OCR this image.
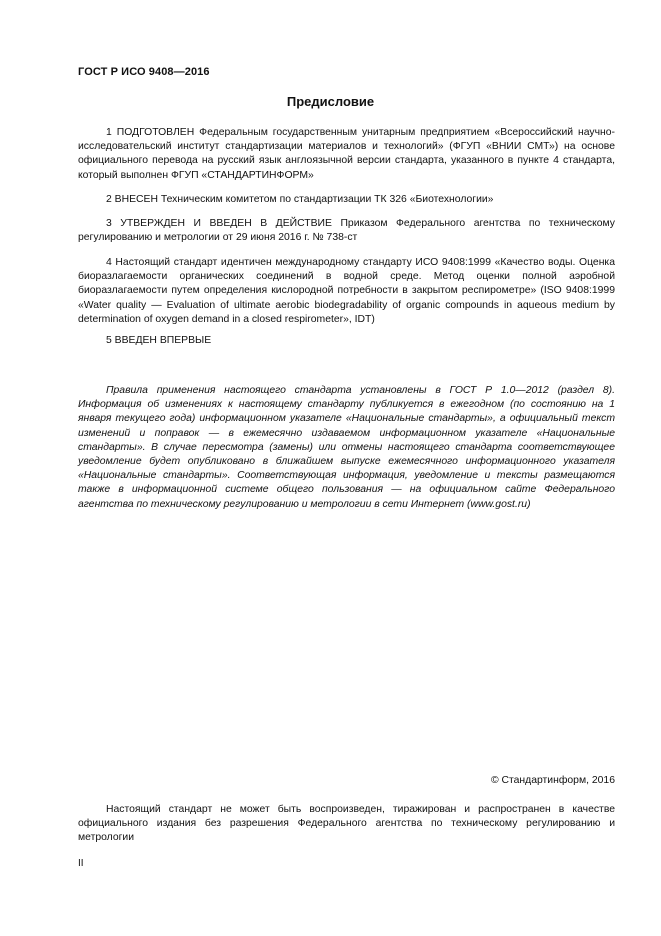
ГОСТ Р ИСО 9408—2016
Предисловие
1 ПОДГОТОВЛЕН Федеральным государственным унитарным предприятием «Всероссийский научно-исследовательский институт стандартизации материалов и технологий» (ФГУП «ВНИИ СМТ») на основе официального перевода на русский язык англоязычной версии стандарта, указанного в пункте 4 стандарта, который выполнен ФГУП «СТАНДАРТИНФОРМ»
2 ВНЕСЕН Техническим комитетом по стандартизации ТК 326 «Биотехнологии»
3 УТВЕРЖДЕН И ВВЕДЕН В ДЕЙСТВИЕ Приказом Федерального агентства по техническому регулированию и метрологии от 29 июня 2016 г. № 738-ст
4 Настоящий стандарт идентичен международному стандарту ИСО 9408:1999 «Качество воды. Оценка биоразлагаемости органических соединений в водной среде. Метод оценки полной аэробной биоразлагаемости путем определения кислородной потребности в закрытом респирометре» (ISO 9408:1999 «Water quality — Evaluation of ultimate aerobic biodegradability of organic compounds in aqueous medium by determination of oxygen demand in a closed respirometer», IDT)
5 ВВЕДЕН ВПЕРВЫЕ
Правила применения настоящего стандарта установлены в ГОСТ Р 1.0—2012 (раздел 8). Информация об изменениях к настоящему стандарту публикуется в ежегодном (по состоянию на 1 января текущего года) информационном указателе «Национальные стандарты», а официальный текст изменений и поправок — в ежемесячно издаваемом информационном указателе «Национальные стандарты». В случае пересмотра (замены) или отмены настоящего стандарта соответствующее уведомление будет опубликовано в ближайшем выпуске ежемесячного информационного указателя «Национальные стандарты». Соответствующая информация, уведомление и тексты размещаются также в информационной системе общего пользования — на официальном сайте Федерального агентства по техническому регулированию и метрологии в сети Интернет (www.gost.ru)
© Стандартинформ, 2016
Настоящий стандарт не может быть воспроизведен, тиражирован и распространен в качестве официального издания без разрешения Федерального агентства по техническому регулированию и метрологии
II
